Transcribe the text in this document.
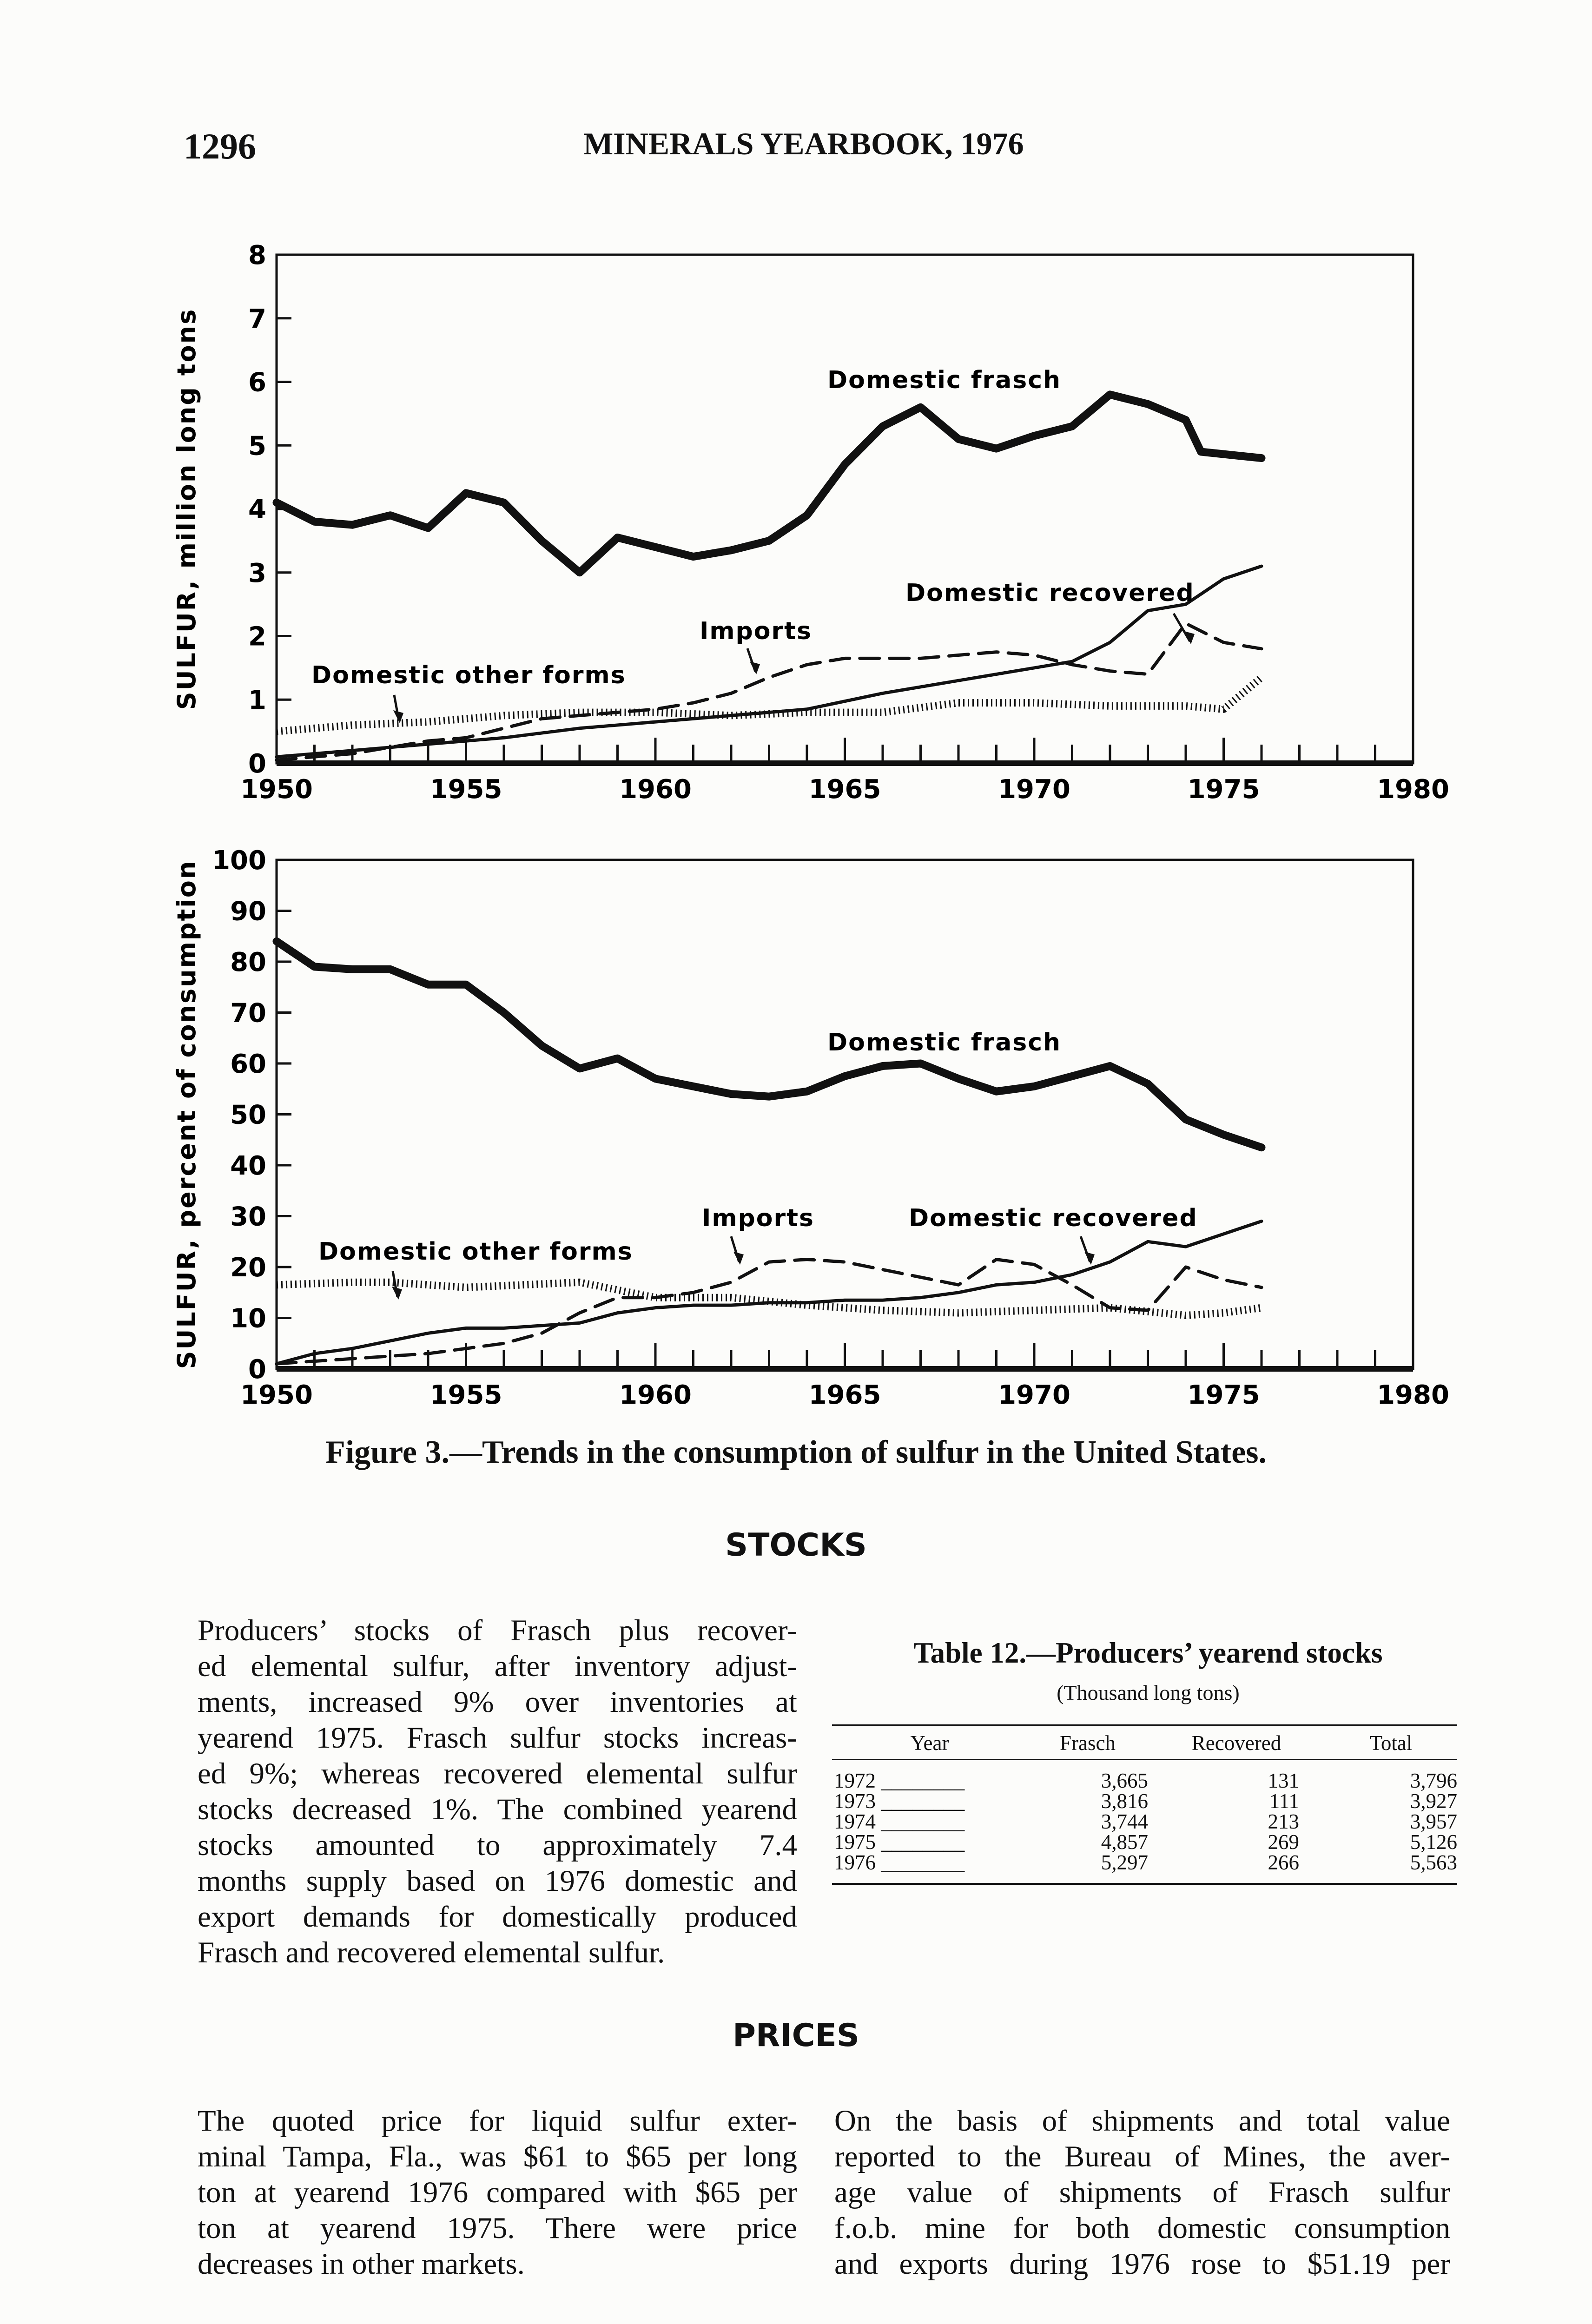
1296	MINERALS YEARBOOK, 1976
0
1
2
3
4
5
6
7
8
1950	1955	1960	1965	1970	1975	1980
SULFUR, million long tons	Domestic frasch
Domestic recovered
Imports
Domestic other forms
0
10
20
30
40
50
60
70
80
90
100
1950	1955	1960	1965	1970	1975	1980
SULFUR, percent of consumption	Domestic frasch
Imports	Domestic recovered
Domestic other forms
Figure 3.—Trends in the consumption of sulfur in the United States.
STOCKS
Producers’ stocks of Frasch plus recover-
ed elemental sulfur, after inventory adjust-
ments, increased 9% over inventories at
yearend 1975. Frasch sulfur stocks increas-
ed 9%; whereas recovered elemental sulfur
stocks decreased 1%. The combined yearend
stocks amounted to approximately 7.4
months supply based on 1976 domestic and
export demands for domestically produced
Frasch and recovered elemental sulfur.
Table 12.—Producers’ yearend stocks
(Thousand long tons)
Year	Frasch	Recovered	Total
1972 ________	3,665	131	3,796
1973 ________	3,816	111	3,927
1974 ________	3,744	213	3,957
1975 ________	4,857	269	5,126
1976 ________	5,297	266	5,563
PRICES
The quoted price for liquid sulfur exter-
minal Tampa, Fla., was $61 to $65 per long
ton at yearend 1976 compared with $65 per
ton at yearend 1975. There were price
decreases in other markets.
On the basis of shipments and total value
reported to the Bureau of Mines, the aver-
age value of shipments of Frasch sulfur
f.o.b. mine for both domestic consumption
and exports during 1976 rose to $51.19 per
